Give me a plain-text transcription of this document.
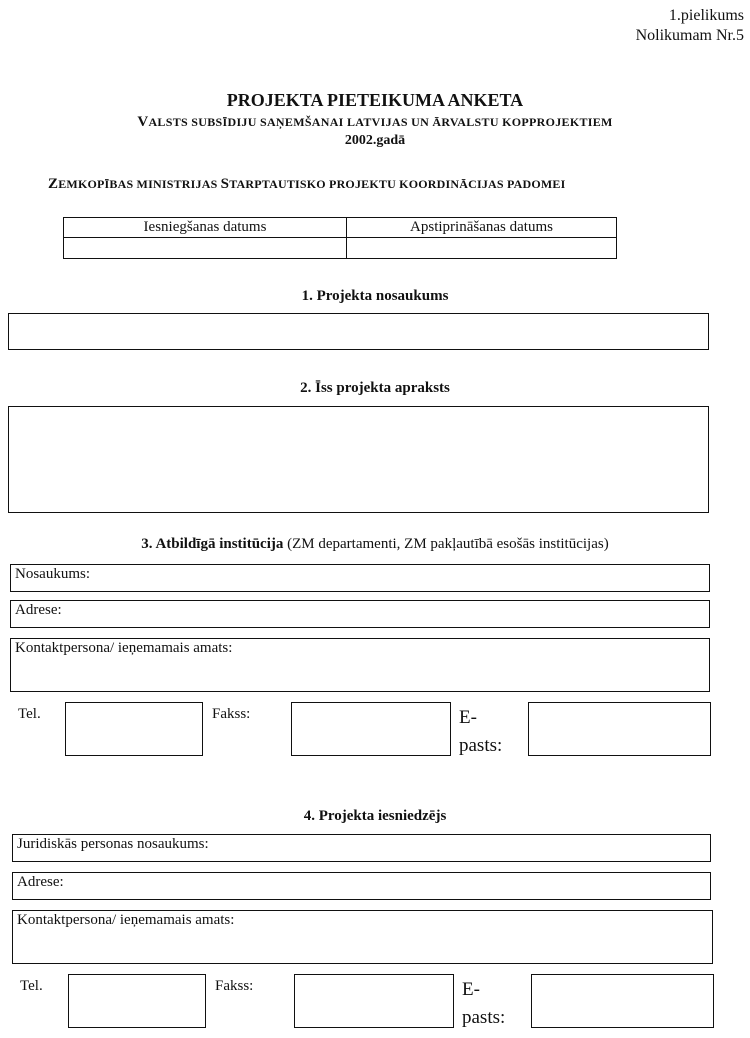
1.pielikums
Nolikumam Nr.5
PROJEKTA PIETEIKUMA ANKETA
VALSTS SUBSĪDIJU SAŅEMŠANAI LATVIJAS UN ĀRVALSTU KOPPROJEKTIEM
2002.gadā
ZEMKOPĪBAS MINISTRIJAS STARPTAUTISKO PROJEKTU KOORDINĀCIJAS PADOMEI
Iesniegšanas datums	Apstiprināšanas datums

1. Projekta nosaukums
2. Īss projekta apraksts
3. Atbildīgā institūcija (ZM departamenti, ZM pakļautībā esošās institūcijas)
Nosaukums:
Adrese:
Kontaktpersona/ ieņemamais amats:
Tel.	Fakss:	E-
pasts:
4. Projekta iesniedzējs
Juridiskās personas nosaukums:
Adrese:
Kontaktpersona/ ieņemamais amats:
Tel.	Fakss:	E-
pasts:
